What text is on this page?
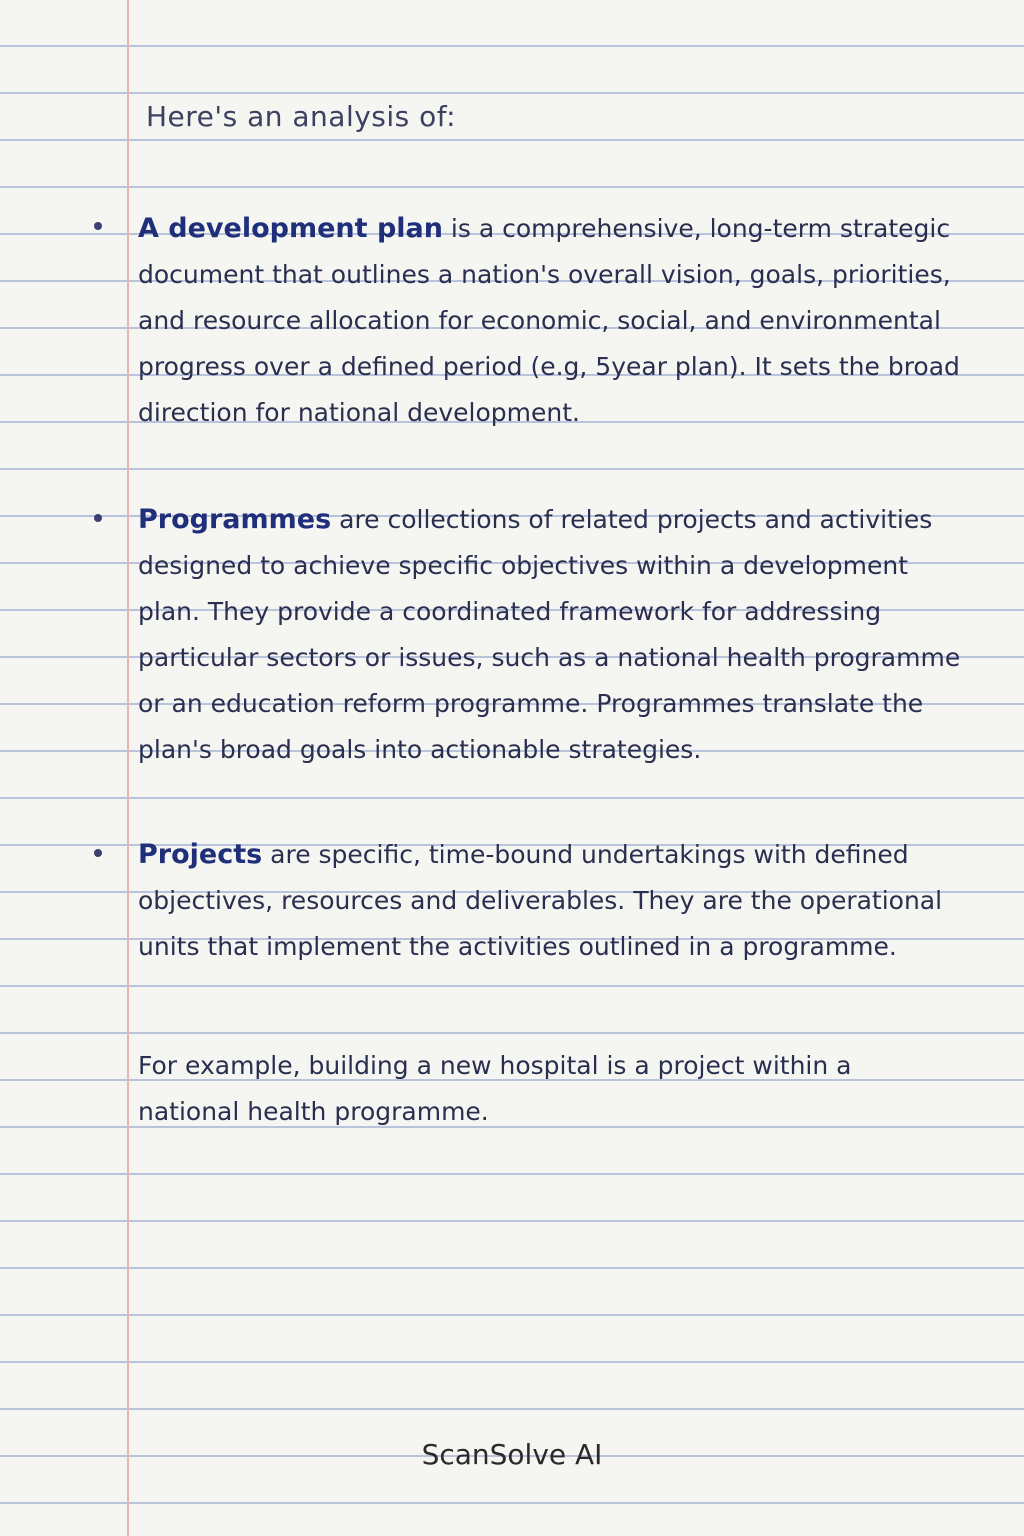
Here's an analysis of:
A development plan is a comprehensive, long-term strategic document that outlines a nation's overall vision, goals, priorities, and resource allocation for economic, social, and environmental progress over a defined period (e.g, 5year plan). It sets the broad direction for national development.
Programmes are collections of related projects and activities designed to achieve specific objectives within a development plan. They provide a coordinated framework for addressing particular sectors or issues, such as a national health programme or an education reform programme. Programmes translate the plan's broad goals into actionable strategies.
Projects are specific, time-bound undertakings with defined objectives, resources and deliverables. They are the operational units that implement the activities outlined in a programme.
For example, building a new hospital is a project within a national health programme.
ScanSolve AI
